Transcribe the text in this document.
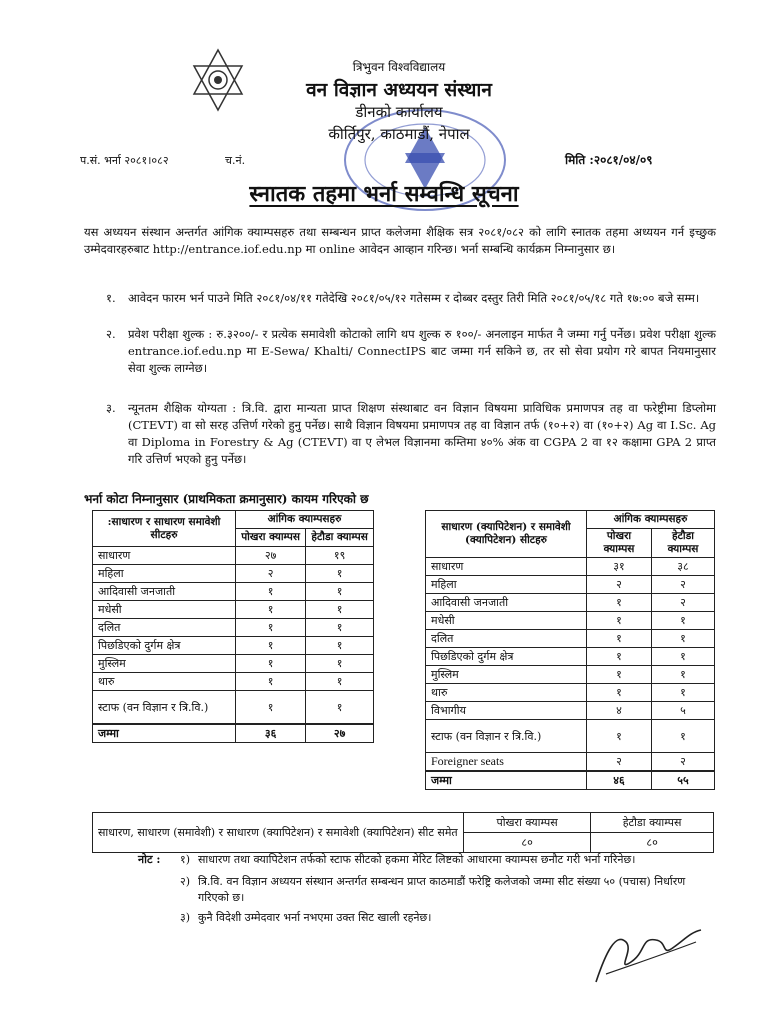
त्रिभुवन विश्वविद्यालय
वन विज्ञान अध्ययन संस्थान
डीनको कार्यालय
कीर्तिपुर, काठमाडौं, नेपाल
प.सं. भर्ना २०८१।०८२	च.नं.	मिति :२०८१/०४/०९
स्नातक तहमा भर्ना सम्वन्धि सूचना
यस अध्ययन संस्थान अन्तर्गत आंगिक क्याम्पसहरु तथा सम्बन्धन प्राप्त कलेजमा शैक्षिक सत्र २०८१/०८२ को लागि स्नातक तहमा अध्ययन गर्न इच्छुक उम्मेदवारहरुबाट http://entrance.iof.edu.np मा online आवेदन आव्हान गरिन्छ। भर्ना सम्बन्धि कार्यक्रम निम्नानुसार छ।
१. आवेदन फारम भर्न पाउने मिति २०८१/०४/११ गतेदेखि २०८१/०५/१२ गतेसम्म र दोब्बर दस्तुर तिरी मिति २०८१/०५/१८ गते १७:०० बजे सम्म।
२. प्रवेश परीक्षा शुल्क : रु.३२००/- र प्रत्येक समावेशी कोटाको लागि थप शुल्क रु १००/- अनलाइन मार्फत नै जम्मा गर्नु पर्नेछ। प्रवेश परीक्षा शुल्क entrance.iof.edu.np मा E-Sewa/ Khalti/ ConnectIPS बाट जम्मा गर्न सकिने छ, तर सो सेवा प्रयोग गरे बापत नियमानुसार सेवा शुल्क लाग्नेछ।
३. न्यूनतम शैक्षिक योग्यता : त्रि.वि. द्वारा मान्यता प्राप्त शिक्षण संस्थाबाट वन विज्ञान विषयमा प्राविधिक प्रमाणपत्र तह वा फरेष्ट्रीमा डिप्लोमा (CTEVT) वा सो सरह उत्तिर्ण गरेको हुनु पर्नेछ। साथै विज्ञान विषयमा प्रमाणपत्र तह वा विज्ञान तर्फ (१०+२) वा (१०+२) Ag वा I.Sc. Ag वा Diploma in Forestry & Ag (CTEVT) वा ए लेभल विज्ञानमा कम्तिमा ४०% अंक वा CGPA 2 वा १२ कक्षामा GPA 2 प्राप्त गरि उत्तिर्ण भएको हुनु पर्नेछ।
भर्ना कोटा निम्नानुसार (प्राथमिकता क्रमानुसार) कायम गरिएको छ
:साधारण र साधारण समावेशी सीटहरु	आंगिक क्याम्पसहरु	
	पोखरा क्याम्पस	हेटौडा क्याम्पस
साधारण	२७	१९
महिला	२	१
आदिवासी जनजाती	१	१
मधेसी	१	१
दलित	१	१
पिछडिएको दुर्गम क्षेत्र	१	१
मुस्लिम	१	१
थारु	१	१
स्टाफ (वन विज्ञान र त्रि.वि.)	१	१
जम्मा	३६	२७
साधारण (क्यापिटेशन) र समावेशी (क्यापिटेशन) सीटहरु	आंगिक क्याम्पसहरु	
	पोखरा क्याम्पस	हेटौडा क्याम्पस
साधारण	३१	३८
महिला	२	२
आदिवासी जनजाती	१	२
मधेसी	१	१
दलित	१	१
पिछडिएको दुर्गम क्षेत्र	१	१
मुस्लिम	१	१
थारु	१	१
विभागीय	४	५
स्टाफ (वन विज्ञान र त्रि.वि.)	१	१
Foreigner seats	२	२
जम्मा	४६	५५
साधारण, साधारण (समावेशी) र साधारण (क्यापिटेशन) र समावेशी (क्यापिटेशन) सीट समेत	पोखरा क्याम्पस	हेटौडा क्याम्पस
	८०	८०
नोट :	१) साधारण तथा क्यापिटेशन तर्फको स्टाफ सीटको हकमा मेरिट लिष्टको आधारमा क्याम्पस छनौट गरी भर्ना गरिनेछ।
२) त्रि.वि. वन विज्ञान अध्ययन संस्थान अन्तर्गत सम्बन्धन प्राप्त काठमाडौं फरेष्ट्रि कलेजको जम्मा सीट संख्या ५० (पचास) निर्धारण गरिएको छ।
३) कुनै विदेशी उम्मेदवार भर्ना नभएमा उक्त सिट खाली रहनेछ।
